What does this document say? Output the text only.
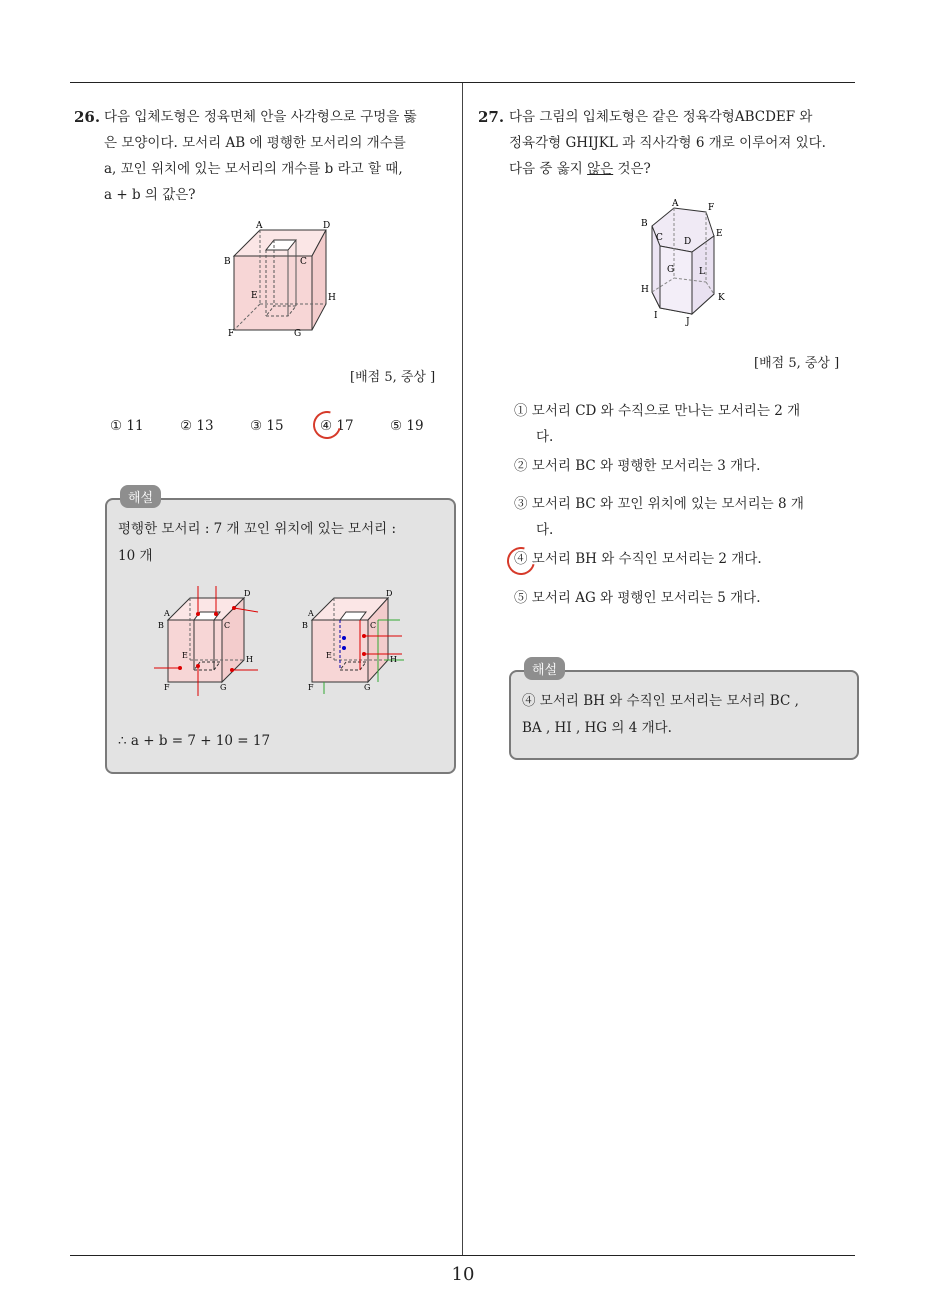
10
26. 다음 입체도형은 정육면체 안을 사각형으로 구멍을 뚫
은 모양이다. 모서리 AB 에 평행한 모서리의 개수를
a, 꼬인 위치에 있는 모서리의 개수를 b 라고 할 때,
a + b 의 값은?
A	D
B	C
E	H
F	G
[배점 5, 중상 ]
① 11	② 13	③ 15	④ 17	⑤ 19
해설
평행한 모서리 : 7 개 꼬인 위치에 있는 모서리 :
10 개
A
D
B	C
E	H
F	G
A
D
B	C
E	H
F	G
∴ a + b = 7 + 10 = 17
27. 다음 그림의 입체도형은 같은 정육각형ABCDEF 와
정육각형 GHIJKL 과 직사각형 6 개로 이루어져 있다.
다음 중 옳지 않은 것은?
A	F
B
E
C D
G	L
H
K
I
J
[배점 5, 중상 ]
① 모서리 CD 와 수직으로 만나는 모서리는 2 개
다.
② 모서리 BC 와 평행한 모서리는 3 개다.
③ 모서리 BC 와 꼬인 위치에 있는 모서리는 8 개
다.
④ 모서리 BH 와 수직인 모서리는 2 개다.
⑤ 모서리 AG 와 평행인 모서리는 5 개다.
해설
④ 모서리 BH 와 수직인 모서리는 모서리 BC ,
BA , HI , HG 의 4 개다.
